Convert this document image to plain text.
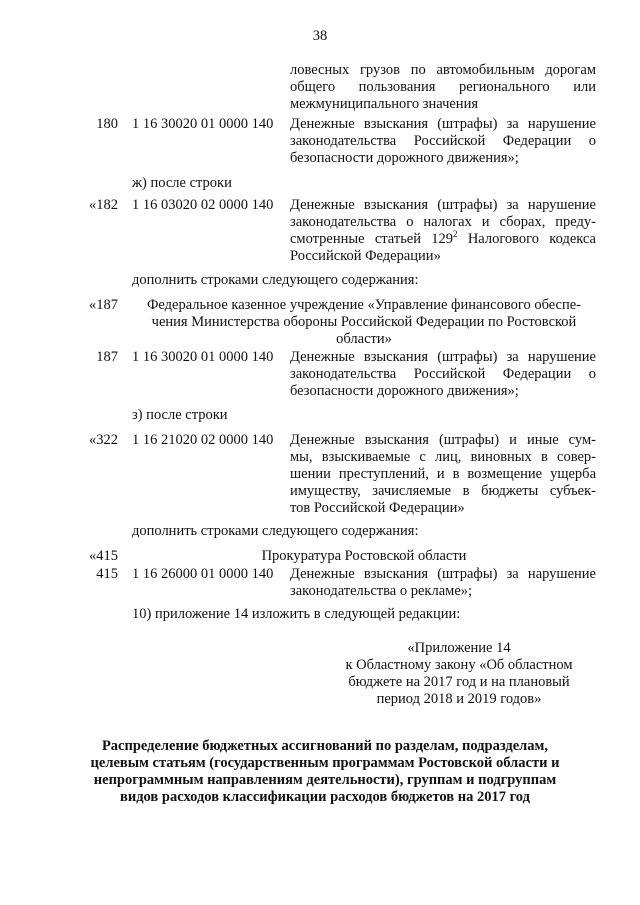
38
ловесных грузов по автомобильным дорогам
общего пользования регионального или
межмуниципального значения
180 1 16 30020 01 0000 140	Денежные взыскания (штрафы) за нарушение
законодательства Российской Федерации о
безопасности дорожного движения»;
ж) после строки
«182 1 16 03020 02 0000 140	Денежные взыскания (штрафы) за нарушение
законодательства о налогах и сборах, преду-
смотренные статьей $129^2$ Налогового кодекса
Российской Федерации»
дополнить строками следующего содержания:
«187	Федеральное казенное учреждение «Управление финансового обеспе-
чения Министерства обороны Российской Федерации по Ростовской
области»
187 1 16 30020 01 0000 140	Денежные взыскания (штрафы) за нарушение
законодательства Российской Федерации о
безопасности дорожного движения»;
з) после строки
«322 1 16 21020 02 0000 140	Денежные взыскания (штрафы) и иные сум-
мы, взыскиваемые с лиц, виновных в совер-
шении преступлений, и в возмещение ущерба
имуществу, зачисляемые в бюджеты субъек-
тов Российской Федерации»
дополнить строками следующего содержания:
«415	Прокуратура Ростовской области
415 1 16 26000 01 0000 140	Денежные взыскания (штрафы) за нарушение
законодательства о рекламе»;
10) приложение 14 изложить в следующей редакции:
«Приложение 14
к Областному закону «Об областном
бюджете на 2017 год и на плановый
период 2018 и 2019 годов»
Распределение бюджетных ассигнований по разделам, подразделам,
целевым статьям (государственным программам Ростовской области и
непрограммным направлениям деятельности), группам и подгруппам
видов расходов классификации расходов бюджетов на 2017 год
